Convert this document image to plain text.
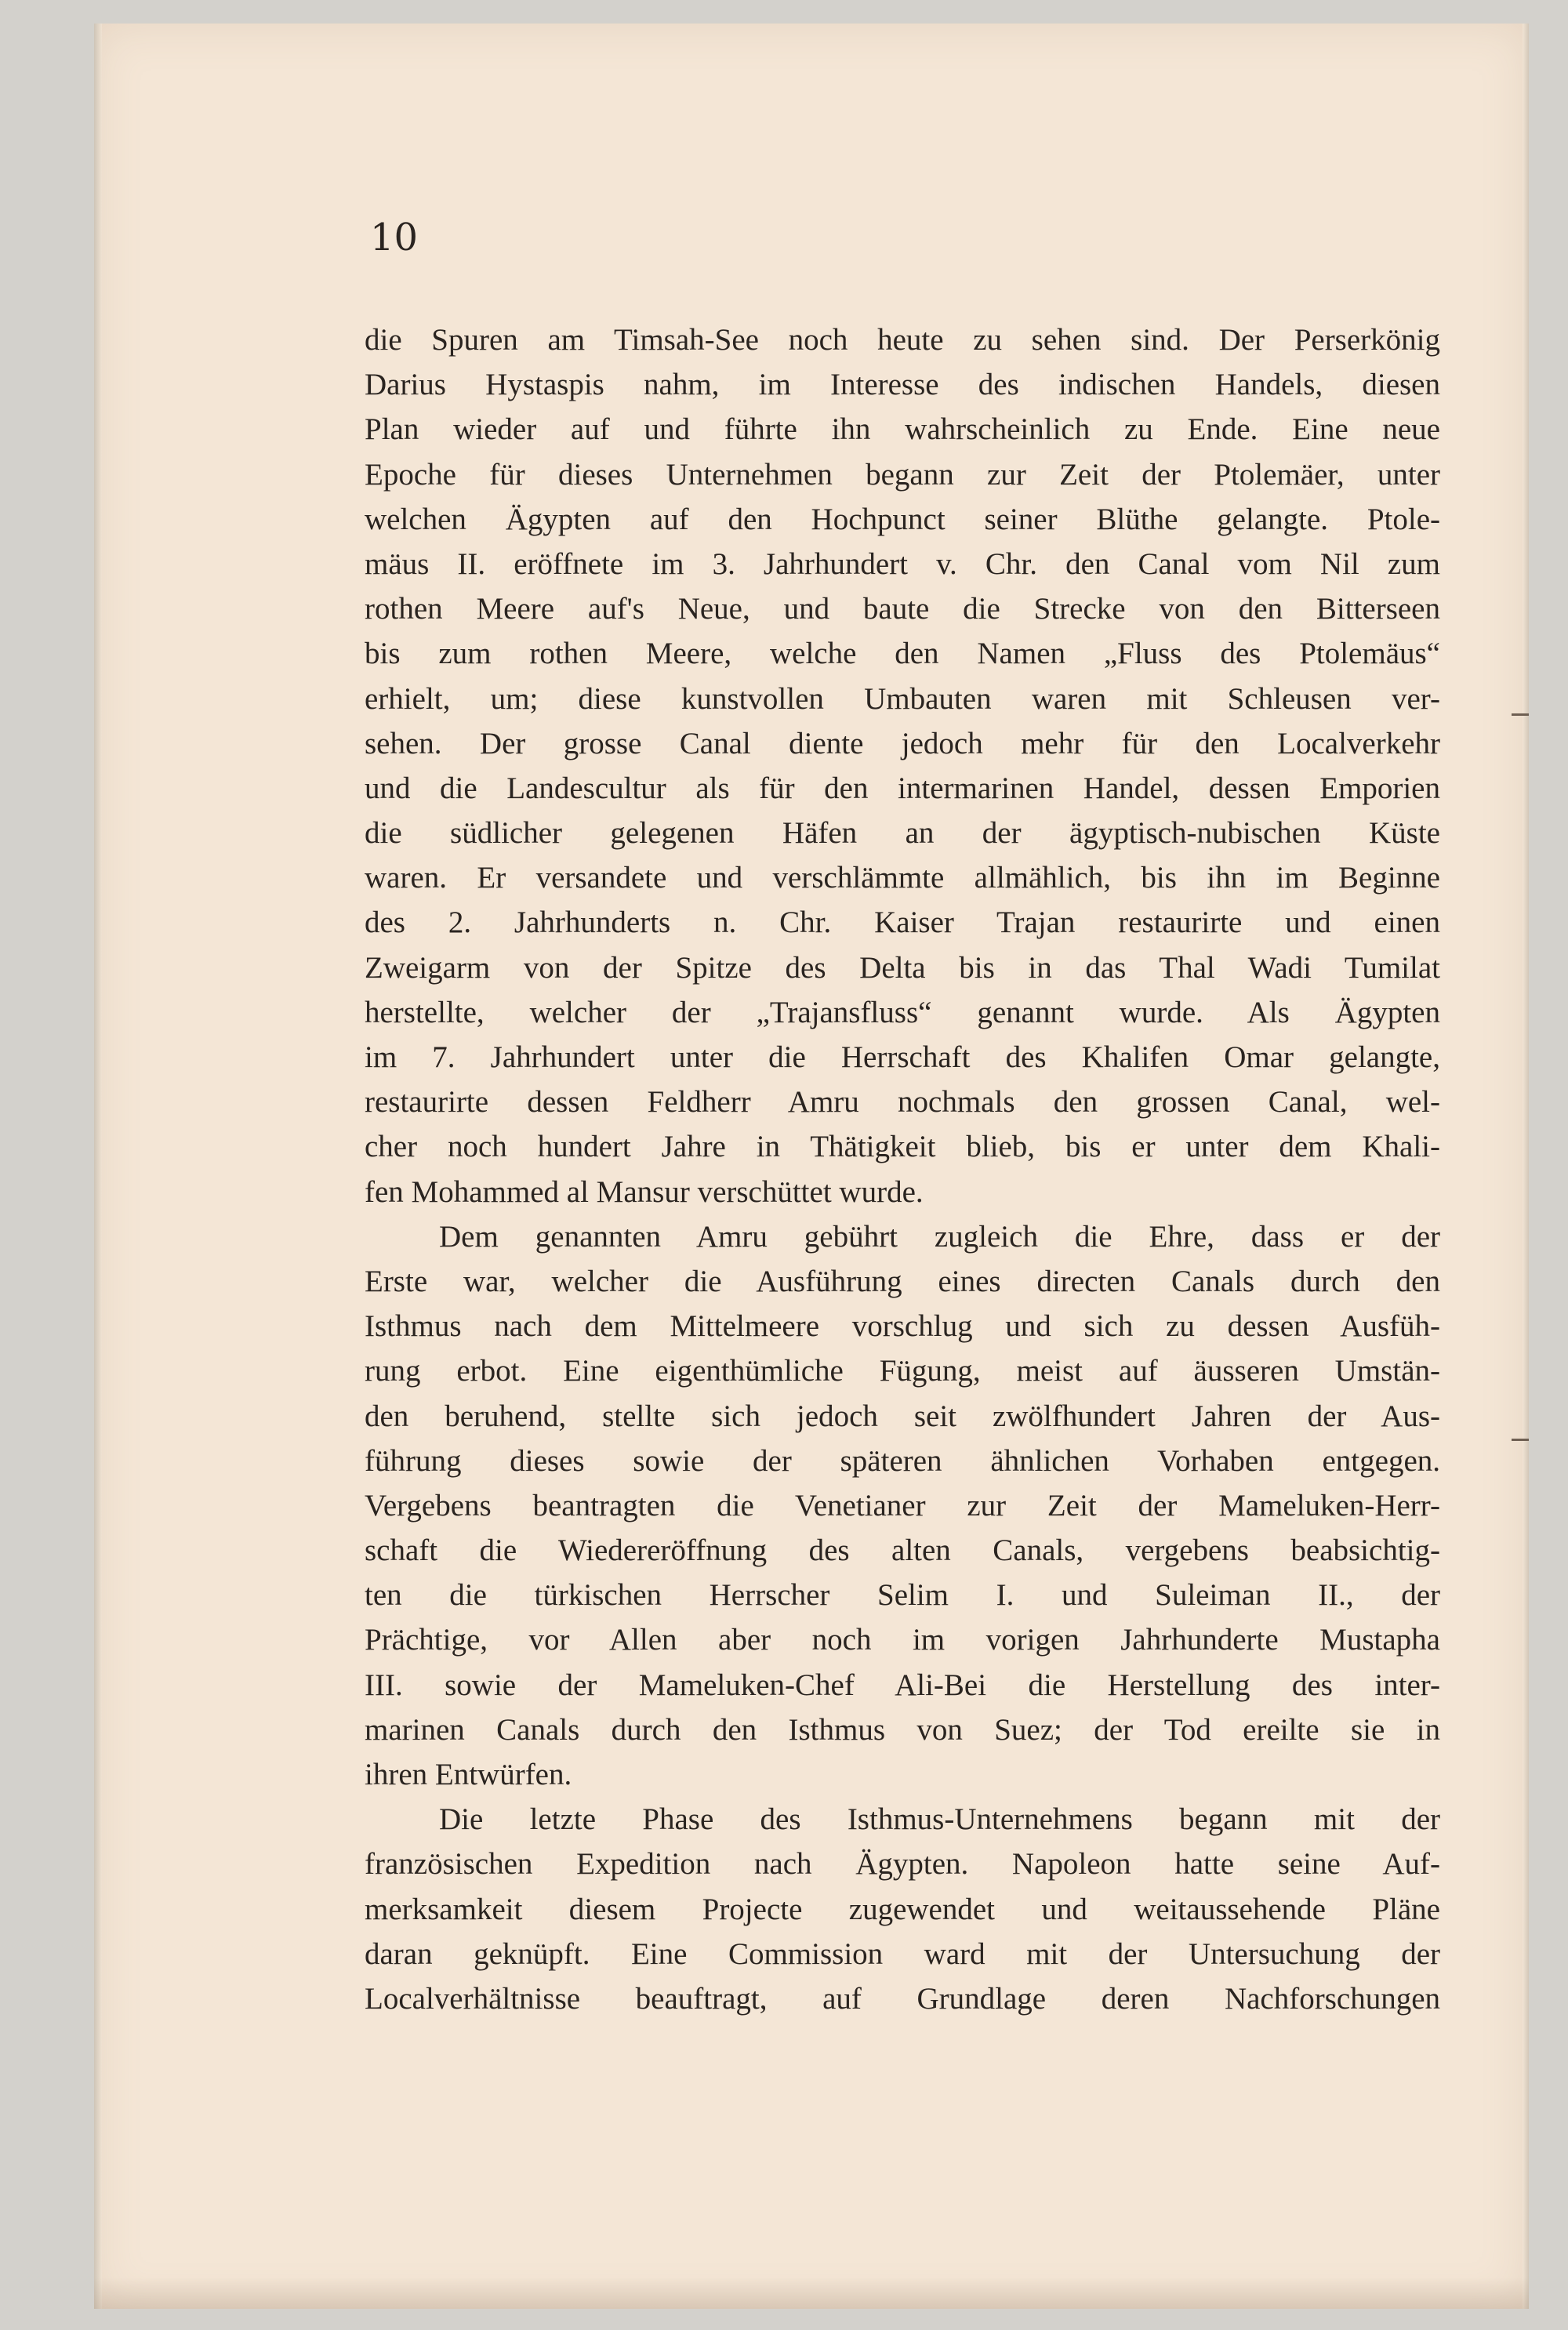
10
die Spuren am Timsah-See noch heute zu sehen sind. Der Perserkönig
Darius Hystaspis nahm, im Interesse des indischen Handels, diesen
Plan wieder auf und führte ihn wahrscheinlich zu Ende. Eine neue
Epoche für dieses Unternehmen begann zur Zeit der Ptolemäer, unter
welchen Ägypten auf den Hochpunct seiner Blüthe gelangte. Ptole-
mäus II. eröffnete im 3. Jahrhundert v. Chr. den Canal vom Nil zum
rothen Meere auf's Neue, und baute die Strecke von den Bitterseen
bis zum rothen Meere, welche den Namen „Fluss des Ptolemäus“
erhielt, um; diese kunstvollen Umbauten waren mit Schleusen ver-
sehen. Der grosse Canal diente jedoch mehr für den Localverkehr
und die Landescultur als für den intermarinen Handel, dessen Emporien
die südlicher gelegenen Häfen an der ägyptisch-nubischen Küste
waren. Er versandete und verschlämmte allmählich, bis ihn im Beginne
des 2. Jahrhunderts n. Chr. Kaiser Trajan restaurirte und einen
Zweigarm von der Spitze des Delta bis in das Thal Wadi Tumilat
herstellte, welcher der „Trajansfluss“ genannt wurde. Als Ägypten
im 7. Jahrhundert unter die Herrschaft des Khalifen Omar gelangte,
restaurirte dessen Feldherr Amru nochmals den grossen Canal, wel-
cher noch hundert Jahre in Thätigkeit blieb, bis er unter dem Khali-
fen Mohammed al Mansur verschüttet wurde.
Dem genannten Amru gebührt zugleich die Ehre, dass er der
Erste war, welcher die Ausführung eines directen Canals durch den
Isthmus nach dem Mittelmeere vorschlug und sich zu dessen Ausfüh-
rung erbot. Eine eigenthümliche Fügung, meist auf äusseren Umstän-
den beruhend, stellte sich jedoch seit zwölfhundert Jahren der Aus-
führung dieses sowie der späteren ähnlichen Vorhaben entgegen.
Vergebens beantragten die Venetianer zur Zeit der Mameluken-Herr-
schaft die Wiedereröffnung des alten Canals, vergebens beabsichtig-
ten die türkischen Herrscher Selim I. und Suleiman II., der
Prächtige, vor Allen aber noch im vorigen Jahrhunderte Mustapha
III. sowie der Mameluken-Chef Ali-Bei die Herstellung des inter-
marinen Canals durch den Isthmus von Suez; der Tod ereilte sie in
ihren Entwürfen.
Die letzte Phase des Isthmus-Unternehmens begann mit der
französischen Expedition nach Ägypten. Napoleon hatte seine Auf-
merksamkeit diesem Projecte zugewendet und weitaussehende Pläne
daran geknüpft. Eine Commission ward mit der Untersuchung der
Localverhältnisse beauftragt, auf Grundlage deren Nachforschungen
